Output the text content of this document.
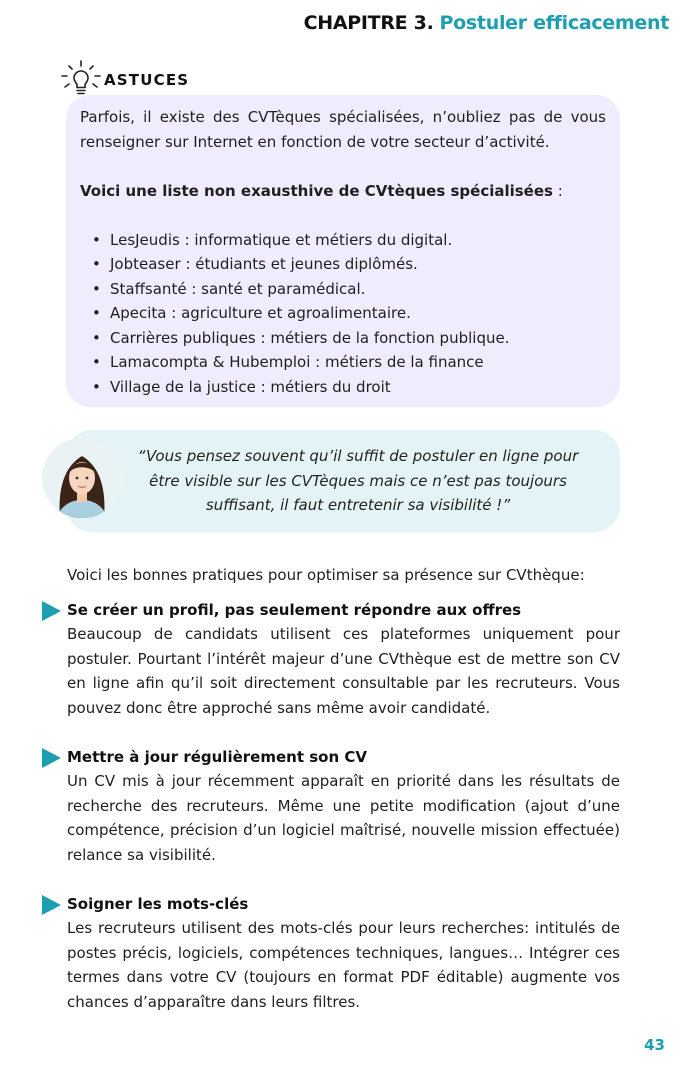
CHAPITRE 3. Postuler efficacement
ASTUCES

Parfois, il existe des CVTèques spécialisées, n’oubliez pas de vous renseigner sur Internet en fonction de votre secteur d’activité.

Voici une liste non exausthive de CVtèques spécialisées :

• LesJeudis : informatique et métiers du digital.
• Jobteaser : étudiants et jeunes diplômés.
• Staffsanté : santé et paramédical.
• Apecita : agriculture et agroalimentaire.
• Carrières publiques : métiers de la fonction publique.
• Lamacompta & Hubemploi : métiers de la finance
• Village de la justice : métiers du droit

“Vous pensez souvent qu’il suffit de postuler en ligne pour être visible sur les CVTèques mais ce n’est pas toujours suffisant, il faut entretenir sa visibilité !”

Voici les bonnes pratiques pour optimiser sa présence sur CVthèque:

Se créer un profil, pas seulement répondre aux offres

Beaucoup de candidats utilisent ces plateformes uniquement pour postuler. Pourtant l’intérêt majeur d’une CVthèque est de mettre son CV en ligne afin qu’il soit directement consultable par les recruteurs. Vous pouvez donc être approché sans même avoir candidaté.

Mettre à jour régulièrement son CV

Un CV mis à jour récemment apparaît en priorité dans les résultats de recherche des recruteurs. Même une petite modification (ajout d’une compétence, précision d’un logiciel maîtrisé, nouvelle mission effectuée) relance sa visibilité.

Soigner les mots-clés

Les recruteurs utilisent des mots-clés pour leurs recherches: intitulés de postes précis, logiciels, compétences techniques, langues… Intégrer ces termes dans votre CV (toujours en format PDF éditable) augmente vos chances d’apparaître dans leurs filtres.

43
